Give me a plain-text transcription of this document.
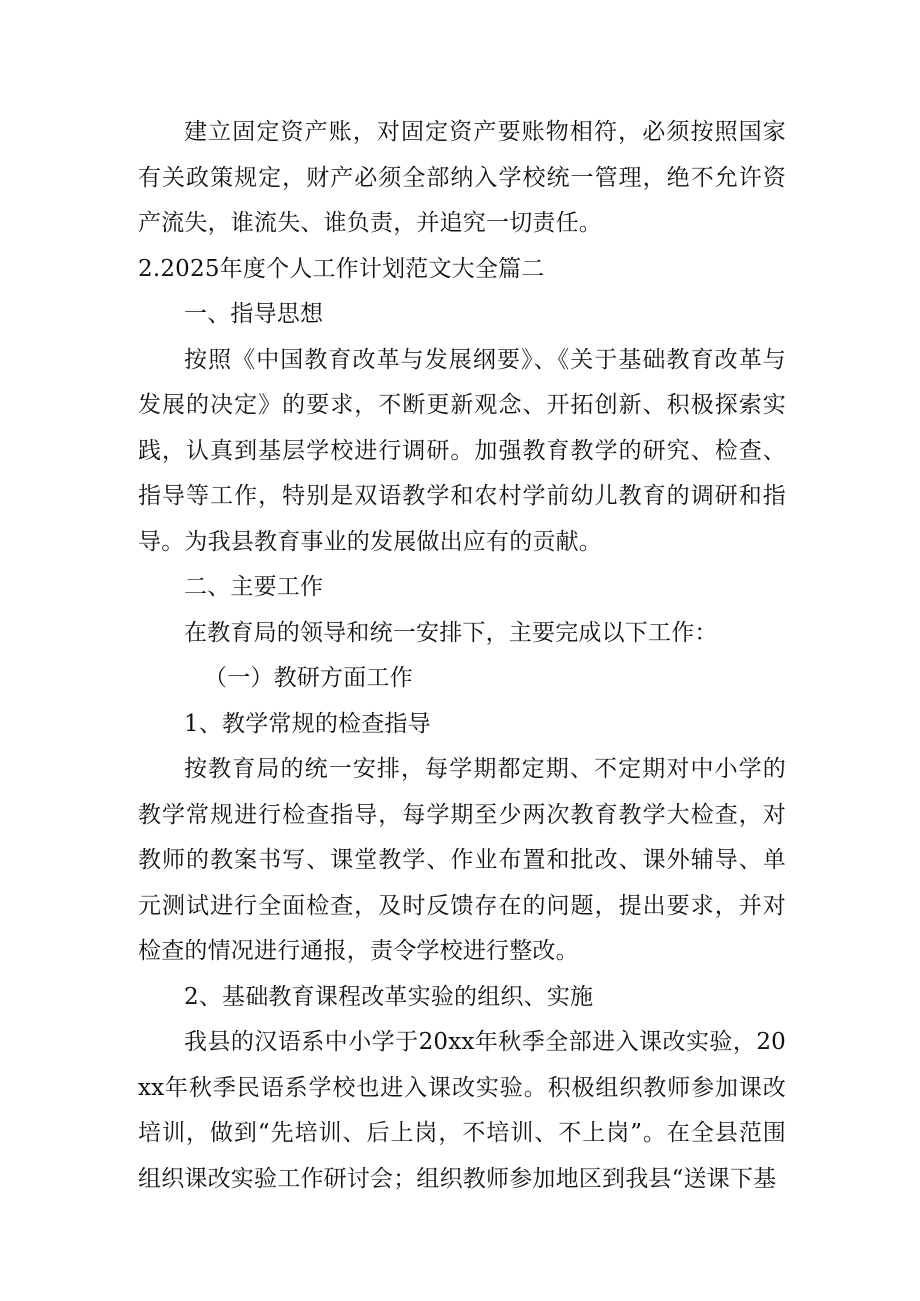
建立固定资产账，对固定资产要账物相符，必须按照国家有关政策规定，财产必须全部纳入学校统一管理，绝不允许资产流失，谁流失、谁负责，并追究一切责任。

2.2025年度个人工作计划范文大全篇二

一、指导思想

按照《中国教育改革与发展纲要》、《关于基础教育改革与发展的决定》的要求，不断更新观念、开拓创新、积极探索实践，认真到基层学校进行调研。加强教育教学的研究、检查、指导等工作，特别是双语教学和农村学前幼儿教育的调研和指导。为我县教育事业的发展做出应有的贡献。

二、主要工作

在教育局的领导和统一安排下，主要完成以下工作：

（一）教研方面工作

1、教学常规的检查指导

按教育局的统一安排，每学期都定期、不定期对中小学的教学常规进行检查指导，每学期至少两次教育教学大检查，对教师的教案书写、课堂教学、作业布置和批改、课外辅导、单元测试进行全面检查，及时反馈存在的问题，提出要求，并对检查的情况进行通报，责令学校进行整改。

2、基础教育课程改革实验的组织、实施

我县的汉语系中小学于20xx年秋季全部进入课改实验，20xx年秋季民语系学校也进入课改实验。积极组织教师参加课改培训，做到“先培训、后上岗，不培训、不上岗”。在全县范围组织课改实验工作研讨会；组织教师参加地区到我县“送课下基
